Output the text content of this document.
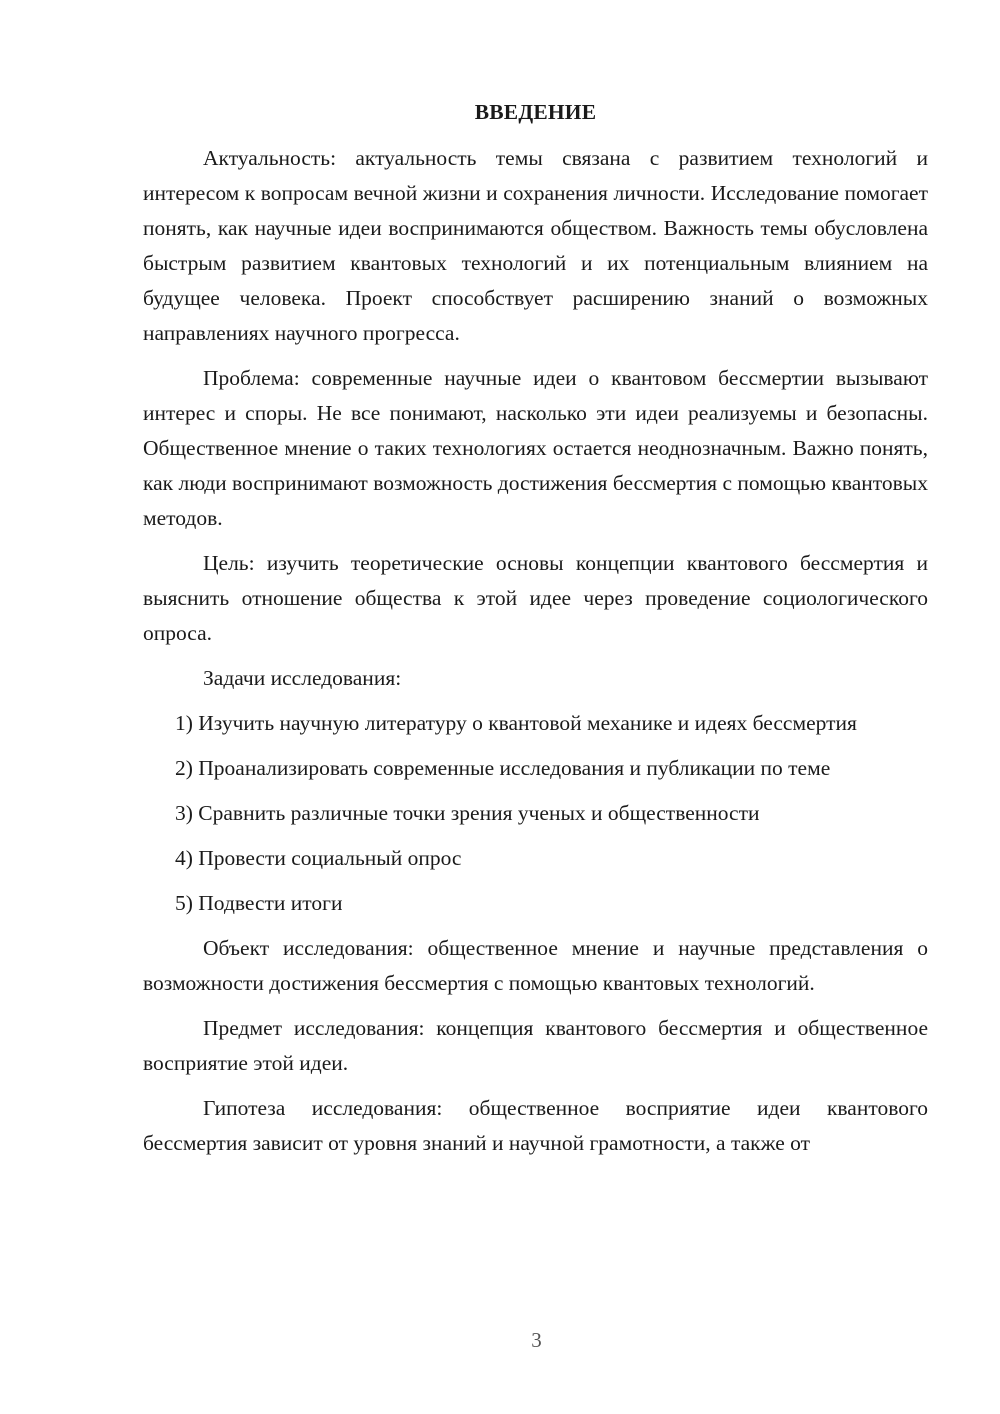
ВВЕДЕНИЕ

Актуальность: актуальность темы связана с развитием технологий и интересом к вопросам вечной жизни и сохранения личности. Исследование помогает понять, как научные идеи воспринимаются обществом. Важность темы обусловлена быстрым развитием квантовых технологий и их потенциальным влиянием на будущее человека. Проект способствует расширению знаний о возможных направлениях научного прогресса.

Проблема: современные научные идеи о квантовом бессмертии вызывают интерес и споры. Не все понимают, насколько эти идеи реализуемы и безопасны. Общественное мнение о таких технологиях остается неоднозначным. Важно понять, как люди воспринимают возможность достижения бессмертия с помощью квантовых методов.

Цель: изучить теоретические основы концепции квантового бессмертия и выяснить отношение общества к этой идее через проведение социологического опроса.

Задачи исследования:

1) Изучить научную литературу о квантовой механике и идеях бессмертия

2) Проанализировать современные исследования и публикации по теме

3) Сравнить различные точки зрения ученых и общественности

4) Провести социальный опрос

5) Подвести итоги

Объект исследования: общественное мнение и научные представления о возможности достижения бессмертия с помощью квантовых технологий.

Предмет исследования: концепция квантового бессмертия и общественное восприятие этой идеи.

Гипотеза исследования: общественное восприятие идеи квантового бессмертия зависит от уровня знаний и научной грамотности, а также от

3
